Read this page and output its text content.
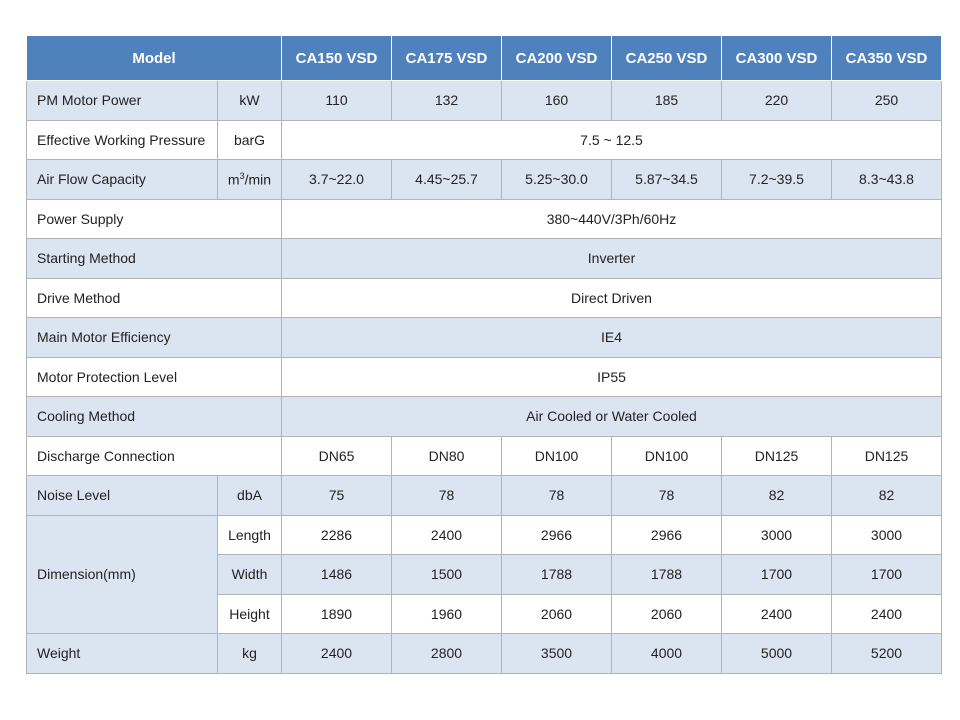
Model		CA150 VSD	CA175 VSD	CA200 VSD	CA250 VSD	CA300 VSD	CA350 VSD
PM Motor Power	kW	110	132	160	185	220	250
Effective Working Pressure	barG	7.5 ~ 12.5					
Air Flow Capacity	$m^3/\min$	3.7~22.0	4.45~25.7	5.25~30.0	5.87~34.5	7.2~39.5	8.3~43.8
Power Supply		380~440V/3Ph/60Hz					
Starting Method		Inverter					
Drive Method		Direct Driven					
Main Motor Efficiency		IE4					
Motor Protection Level		IP55					
Cooling Method		Air Cooled or Water Cooled					
Discharge Connection		DN65	DN80	DN100	DN100	DN125	DN125
Noise Level	dbA	75	78	78	78	82	82
Dimension(mm)	Length	2286	2400	2966	2966	3000	3000
	Width	1486	1500	1788	1788	1700	1700
	Height	1890	1960	2060	2060	2400	2400
Weight	kg	2400	2800	3500	4000	5000	5200
